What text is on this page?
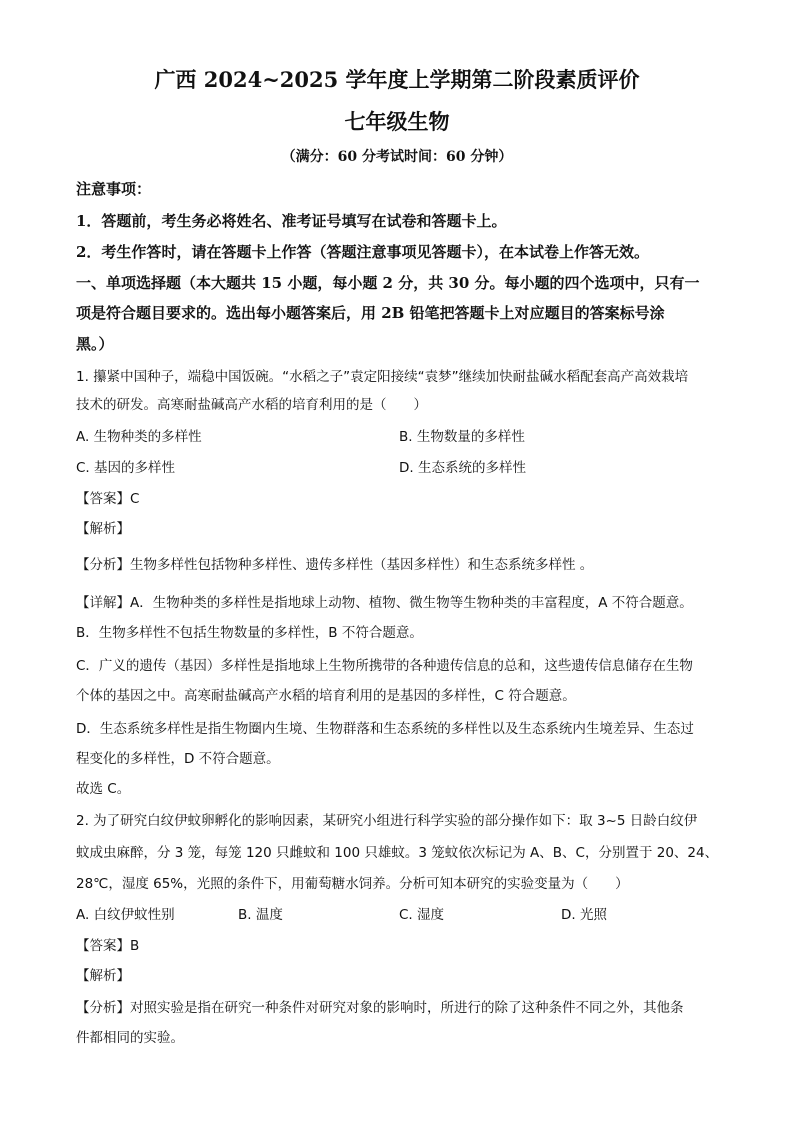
广西 2024~2025 学年度上学期第二阶段素质评价
七年级生物
（满分：60 分考试时间：60 分钟）
注意事项：
1．答题前，考生务必将姓名、准考证号填写在试卷和答题卡上。
2．考生作答时，请在答题卡上作答（答题注意事项见答题卡），在本试卷上作答无效。
一、单项选择题（本大题共 15 小题，每小题 2 分，共 30 分。每小题的四个选项中，只有一
项是符合题目要求的。选出每小题答案后，用 2B 铅笔把答题卡上对应题目的答案标号涂
黑。）
1. 攥紧中国种子，端稳中国饭碗。“水稻之子”袁定阳接续“袁梦”继续加快耐盐碱水稻配套高产高效栽培
技术的研发。高寒耐盐碱高产水稻的培育利用的是（　　）
A. 生物种类的多样性	B. 生物数量的多样性
C. 基因的多样性	D. 生态系统的多样性
【答案】C
【解析】
【分析】生物多样性包括物种多样性、遗传多样性（基因多样性）和生态系统多样性 。
【详解】A．生物种类的多样性是指地球上动物、植物、微生物等生物种类的丰富程度，A 不符合题意。
B．生物多样性不包括生物数量的多样性，B 不符合题意。
C．广义的遗传（基因）多样性是指地球上生物所携带的各种遗传信息的总和，这些遗传信息储存在生物
个体的基因之中。高寒耐盐碱高产水稻的培育利用的是基因的多样性，C 符合题意。
D．生态系统多样性是指生物圈内生境、生物群落和生态系统的多样性以及生态系统内生境差异、生态过
程变化的多样性，D 不符合题意。
故选 C。
2. 为了研究白纹伊蚊卵孵化的影响因素，某研究小组进行科学实验的部分操作如下：取 3~5 日龄白纹伊
蚊成虫麻醉，分 3 笼，每笼 120 只雌蚊和 100 只雄蚊。3 笼蚊依次标记为 A、B、C，分别置于 20、24、
28℃，湿度 65%，光照的条件下，用葡萄糖水饲养。分析可知本研究的实验变量为（　　）
A. 白纹伊蚊性别	B. 温度	C. 湿度	D. 光照
【答案】B
【解析】
【分析】对照实验是指在研究一种条件对研究对象的影响时，所进行的除了这种条件不同之外，其他条
件都相同的实验。
